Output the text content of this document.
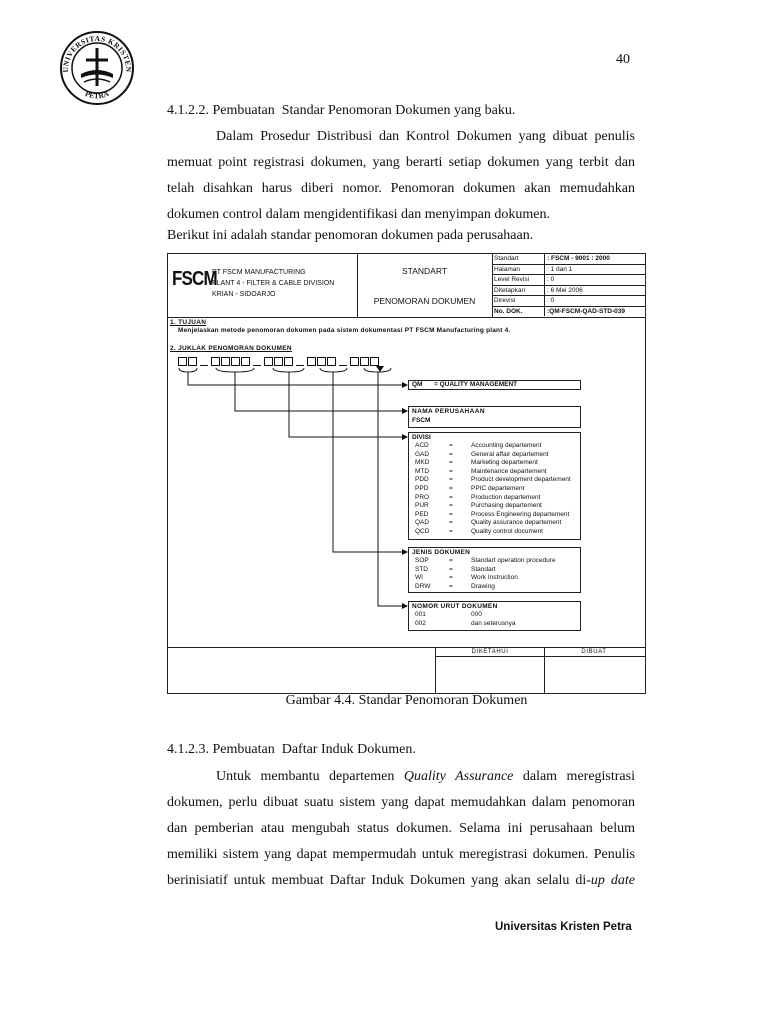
UNIVERSITAS KRISTEN
PETRA
40
4.1.2.2. Pembuatan  Standar Penomoran Dokumen yang baku.
Dalam Prosedur Distribusi dan Kontrol Dokumen yang dibuat penulis
memuat point registrasi dokumen, yang berarti setiap dokumen yang terbit dan
telah disahkan harus diberi nomor. Penomoran dokumen akan memudahkan
dokumen control dalam mengidentifikasi dan menyimpan dokumen.
Berikut ini adalah standar penomoran dokumen pada perusahaan.
FSCM
PT FSCM MANUFACTURING
PLANT 4 - FILTER & CABLE DIVISION
KRIAN - SIDOARJO
STANDART
PENOMORAN DOKUMEN
Standart	: FSCM - 9001 : 2000
Halaman	: 1 dari 1
Level Revisi	: 0
Ditetapkan	: 6 Mei 2006
Direvisi	: 0
No. DOK.	:QM-FSCM-QAD-STD-039
1. TUJUAN
Menjelaskan metode penomoran dokumen pada sistem dokumentasi PT FSCM Manufacturing plant 4.
2. JUKLAK PENOMORAN DOKUMEN
QM = QUALITY MANAGEMENT
NAMA PERUSAHAAN
FSCM
DIVISI
ACD	=	Accounting departement
GAD	=	General affair departement
MKD	=	Marketing departement
MTD	=	Maintenance departement
PDD	=	Product development departement
PPD	=	PPIC departement
PRO	=	Production departement
PUR	=	Purchasing departement
PED	=	Process Engineering departement
QAD	=	Quality assurance departement
QCD	=	Quality control document
JENIS DOKUMEN
SOP	=	Standart operation procedure
STD	=	Standart
WI	=	Work Instruction
DRW	=	Drawing
NOMOR URUT DOKUMEN
001	000
002	dan seterusnya
DIKETAHUI	DIBUAT
Gambar 4.4. Standar Penomoran Dokumen
4.1.2.3. Pembuatan  Daftar Induk Dokumen.
Untuk membantu departemen Quality Assurance dalam meregistrasi
dokumen, perlu dibuat suatu sistem yang dapat memudahkan dalam penomoran
dan pemberian atau mengubah status dokumen. Selama ini perusahaan belum
memiliki sistem yang dapat mempermudah untuk meregistrasi dokumen. Penulis
berinisiatif untuk membuat Daftar Induk Dokumen yang akan selalu di-up date
Universitas Kristen Petra
